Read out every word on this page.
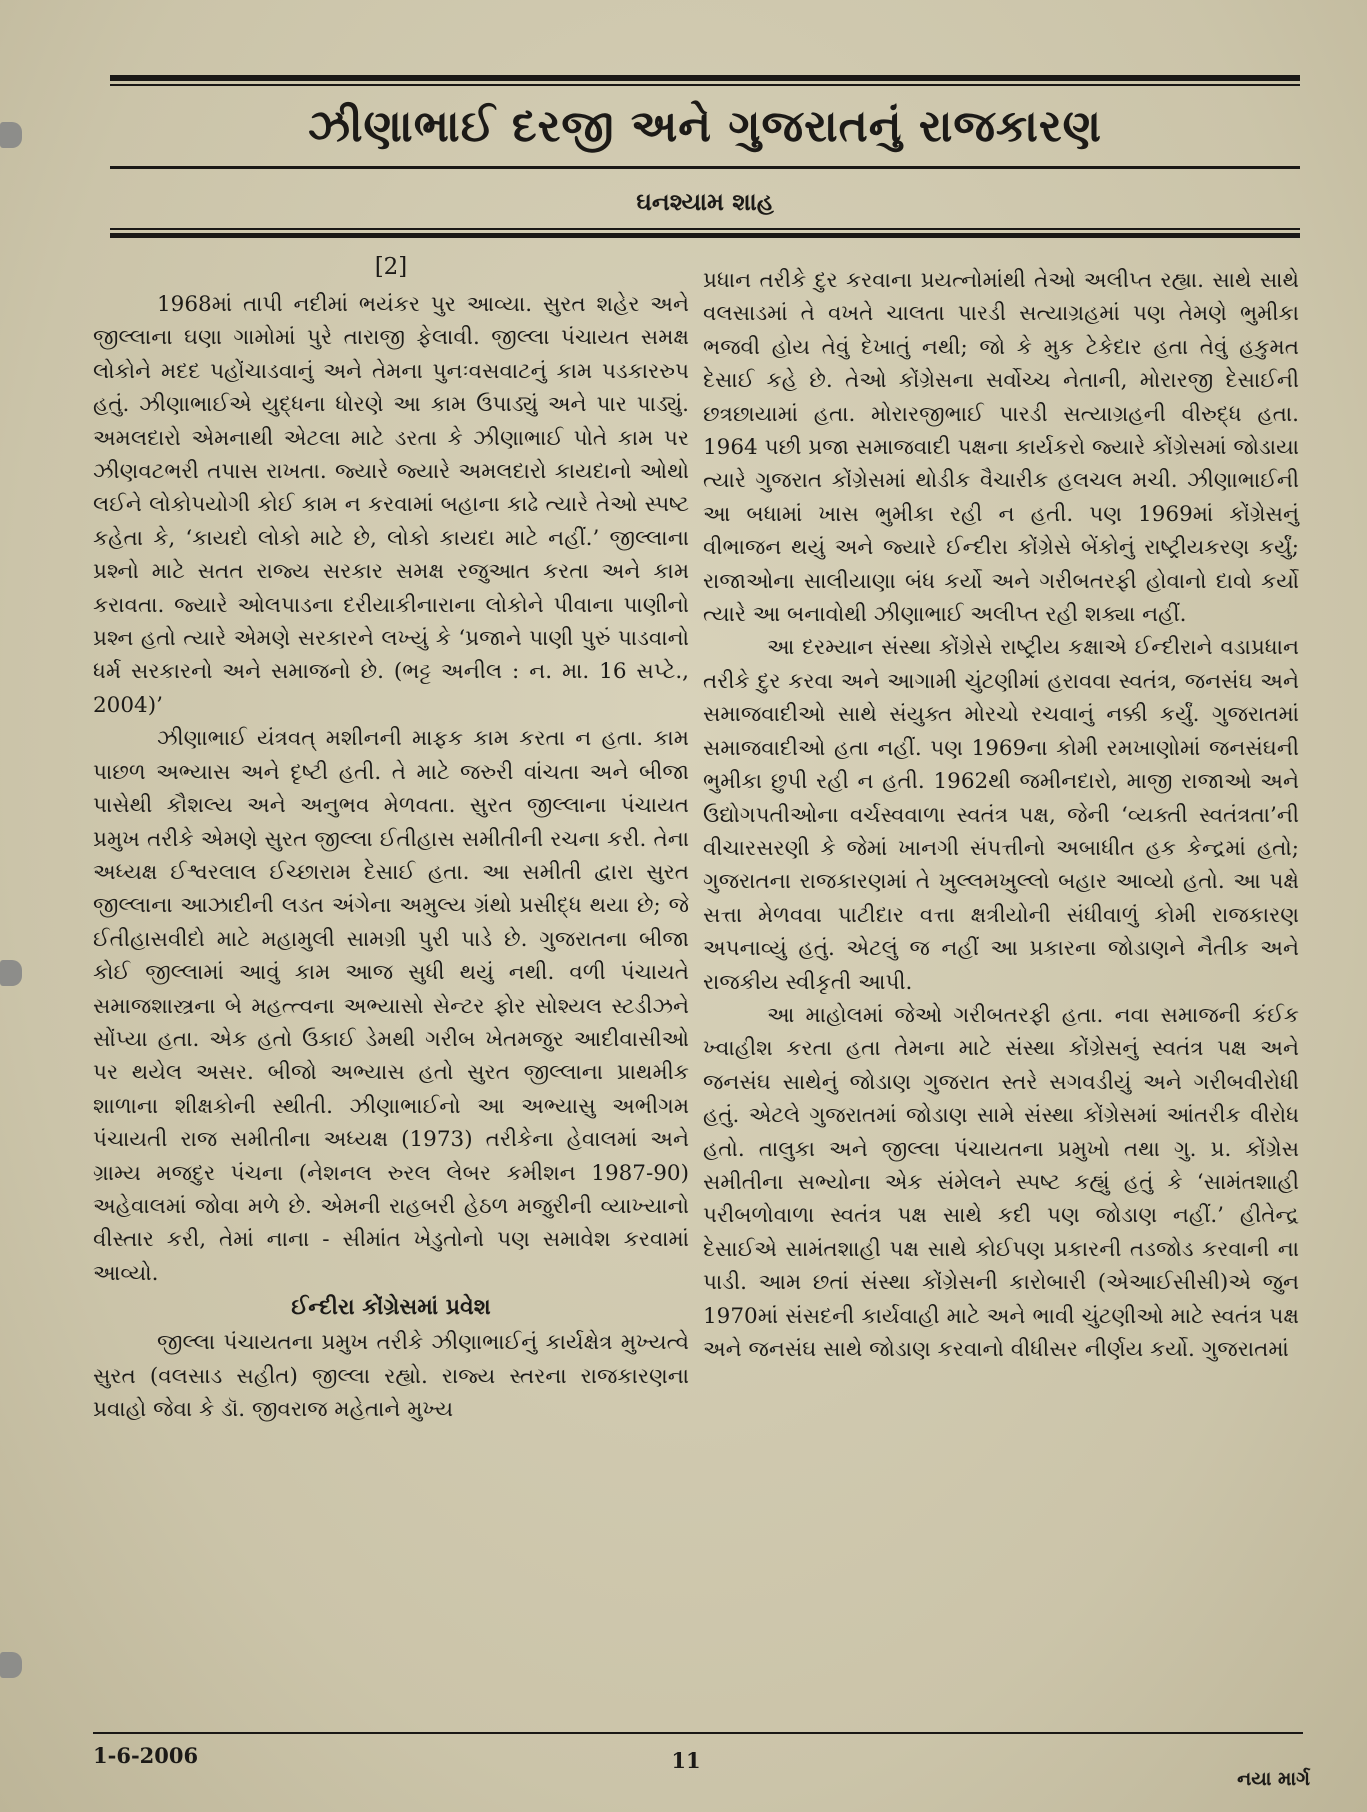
ઝીણાભાઈ દરજી અને ગુજરાતનું રાજકારણ
ઘનશ્યામ શાહ
[2]

1968માં તાપી નદીમાં ભયંકર પુર આવ્યા. સુરત શહેર અને જીલ્લાના ઘણા ગામોમાં પુરે તારાજી ફેલાવી. જીલ્લા પંચાયત સમક્ષ લોકોને મદદ પહોંચાડવાનું અને તેમના પુનઃવસવાટનું કામ પડકારરુપ હતું. ઝીણાભાઈએ યુદ્ધના ધોરણે આ કામ ઉપાડ્યું અને પાર પાડ્યું. અમલદારો એમનાથી એટલા માટે ડરતા કે ઝીણાભાઈ પોતે કામ પર ઝીણવટભરી તપાસ રાખતા. જ્યારે જ્યારે અમલદારો કાયદાનો ઓથો લઈને લોકોપયોગી કોઈ કામ ન કરવામાં બહાના કાઢે ત્યારે તેઓ સ્પષ્ટ કહેતા કે, ‘કાયદો લોકો માટે છે, લોકો કાયદા માટે નહીં.’ જીલ્લાના પ્રશ્નો માટે સતત રાજ્ય સરકાર સમક્ષ રજુઆત કરતા અને કામ કરાવતા. જ્યારે ઓલપાડના દરીયાકીનારાના લોકોને પીવાના પાણીનો પ્રશ્ન હતો ત્યારે એમણે સરકારને લખ્યું કે ‘પ્રજાને પાણી પુરું પાડવાનો ધર્મ સરકારનો અને સમાજનો છે. (ભટ્ટ અનીલ : ન. મા. 16 સપ્ટે., 2004)’

ઝીણાભાઈ યંત્રવત્ મશીનની માફક કામ કરતા ન હતા. કામ પાછળ અભ્યાસ અને દૃષ્ટી હતી. તે માટે જરુરી વાંચતા અને બીજા પાસેથી કૌશલ્ય અને અનુભવ મેળવતા. સુરત જીલ્લાના પંચાયત પ્રમુખ તરીકે એમણે સુરત જીલ્લા ઈતીહાસ સમીતીની રચના કરી. તેના અધ્યક્ષ ઈશ્વરલાલ ઈચ્છારામ દેસાઈ હતા. આ સમીતી દ્વારા સુરત જીલ્લાના આઝાદીની લડત અંગેના અમુલ્ય ગ્રંથો પ્રસીદ્ધ થયા છે; જે ઈતીહાસવીદો માટે મહામુલી સામગ્રી પુરી પાડે છે. ગુજરાતના બીજા કોઈ જીલ્લામાં આવું કામ આજ સુધી થયું નથી. વળી પંચાયતે સમાજશાસ્ત્રના બે મહત્ત્વના અભ્યાસો સેન્ટર ફોર સોશ્યલ સ્ટડીઝને સોંપ્યા હતા. એક હતો ઉકાઈ ડેમથી ગરીબ ખેતમજુર આદીવાસીઓ પર થયેલ અસર. બીજો અભ્યાસ હતો સુરત જીલ્લાના પ્રાથમીક શાળાના શીક્ષકોની સ્થીતી. ઝીણાભાઈનો આ અભ્યાસુ અભીગમ પંચાયતી રાજ સમીતીના અધ્યક્ષ (1973) તરીકેના હેવાલમાં અને ગ્રામ્ય મજદુર પંચના (નેશનલ રુરલ લેબર કમીશન 1987-90) અહેવાલમાં જોવા મળે છે. એમની રાહબરી હેઠળ મજુરીની વ્યાખ્યાનો વીસ્તાર કરી, તેમાં નાના - સીમાંત ખેડુતોનો પણ સમાવેશ કરવામાં આવ્યો.

ઈન્દીરા કોંગ્રેસમાં પ્રવેશ

જીલ્લા પંચાયતના પ્રમુખ તરીકે ઝીણાભાઈનું કાર્યક્ષેત્ર મુખ્યત્વે સુરત (વલસાડ સહીત) જીલ્લા રહ્યો. રાજ્ય સ્તરના રાજકારણના પ્રવાહો જેવા કે ડૉ. જીવરાજ મહેતાને મુખ્ય

પ્રધાન તરીકે દુર કરવાના પ્રયત્નોમાંથી તેઓ અલીપ્ત રહ્યા. સાથે સાથે વલસાડમાં તે વખતે ચાલતા પારડી સત્યાગ્રહમાં પણ તેમણે ભુમીકા ભજવી હોય તેવું દેખાતું નથી; જો કે મુક ટેકેદાર હતા તેવું હકુમત દેસાઈ કહે છે. તેઓ કોંગ્રેસના સર્વોચ્ચ નેતાની, મોરારજી દેસાઈની છત્રછાયામાં હતા. મોરારજીભાઈ પારડી સત્યાગ્રહની વીરુદ્ધ હતા. 1964 પછી પ્રજા સમાજવાદી પક્ષના કાર્યકરો જ્યારે કોંગ્રેસમાં જોડાયા ત્યારે ગુજરાત કોંગ્રેસમાં થોડીક વૈચારીક હલચલ મચી. ઝીણાભાઈની આ બધામાં ખાસ ભુમીકા રહી ન હતી. પણ 1969માં કોંગ્રેસનું વીભાજન થયું અને જ્યારે ઈન્દીરા કોંગ્રેસે બેંકોનું રાષ્ટ્રીયકરણ કર્યું; રાજાઓના સાલીયાણા બંધ કર્યો અને ગરીબતરફી હોવાનો દાવો કર્યો ત્યારે આ બનાવોથી ઝીણાભાઈ અલીપ્ત રહી શક્યા નહીં.

આ દરમ્યાન સંસ્થા કોંગ્રેસે રાષ્ટ્રીય કક્ષાએ ઈન્દીરાને વડાપ્રધાન તરીકે દુર કરવા અને આગામી ચુંટણીમાં હરાવવા સ્વતંત્ર, જનસંઘ અને સમાજવાદીઓ સાથે સંયુક્ત મોરચો રચવાનું નક્કી કર્યું. ગુજરાતમાં સમાજવાદીઓ હતા નહીં. પણ 1969ના કોમી રમખાણોમાં જનસંઘની ભુમીકા છુપી રહી ન હતી. 1962થી જમીનદારો, માજી રાજાઓ અને ઉદ્યોગપતીઓના વર્ચસ્વવાળા સ્વતંત્ર પક્ષ, જેની ‘વ્યક્તી સ્વતંત્રતા’ની વીચારસરણી કે જેમાં ખાનગી સંપત્તીનો અબાધીત હક કેન્દ્રમાં હતો; ગુજરાતના રાજકારણમાં તે ખુલ્લમખુલ્લો બહાર આવ્યો હતો. આ પક્ષે સત્તા મેળવવા પાટીદાર વત્તા ક્ષત્રીયોની સંધીવાળું કોમી રાજકારણ અપનાવ્યું હતું. એટલું જ નહીં આ પ્રકારના જોડાણને નૈતીક અને રાજકીય સ્વીકૃતી આપી.

આ માહોલમાં જેઓ ગરીબતરફી હતા. નવા સમાજની કંઈક ખ્વાહીશ કરતા હતા તેમના માટે સંસ્થા કોંગ્રેસનું સ્વતંત્ર પક્ષ અને જનસંઘ સાથેનું જોડાણ ગુજરાત સ્તરે સગવડીયું અને ગરીબવીરોધી હતું. એટલે ગુજરાતમાં જોડાણ સામે સંસ્થા કોંગ્રેસમાં આંતરીક વીરોધ હતો. તાલુકા અને જીલ્લા પંચાયતના પ્રમુખો તથા ગુ. પ્ર. કોંગ્રેસ સમીતીના સભ્યોના એક સંમેલને સ્પષ્ટ કહ્યું હતું કે ‘સામંતશાહી પરીબળોવાળા સ્વતંત્ર પક્ષ સાથે કદી પણ જોડાણ નહીં.’ હીતેન્દ્ર દેસાઈએ સામંતશાહી પક્ષ સાથે કોઈપણ પ્રકારની તડજોડ કરવાની ના પાડી. આમ છતાં સંસ્થા કોંગ્રેસની કારોબારી (એઆઈસીસી)એ જુન 1970માં સંસદની કાર્યવાહી માટે અને ભાવી ચુંટણીઓ માટે સ્વતંત્ર પક્ષ અને જનસંઘ સાથે જોડાણ કરવાનો વીધીસર નીર્ણય કર્યો. ગુજરાતમાં

1-6-2006	11
નયા માર્ગ
